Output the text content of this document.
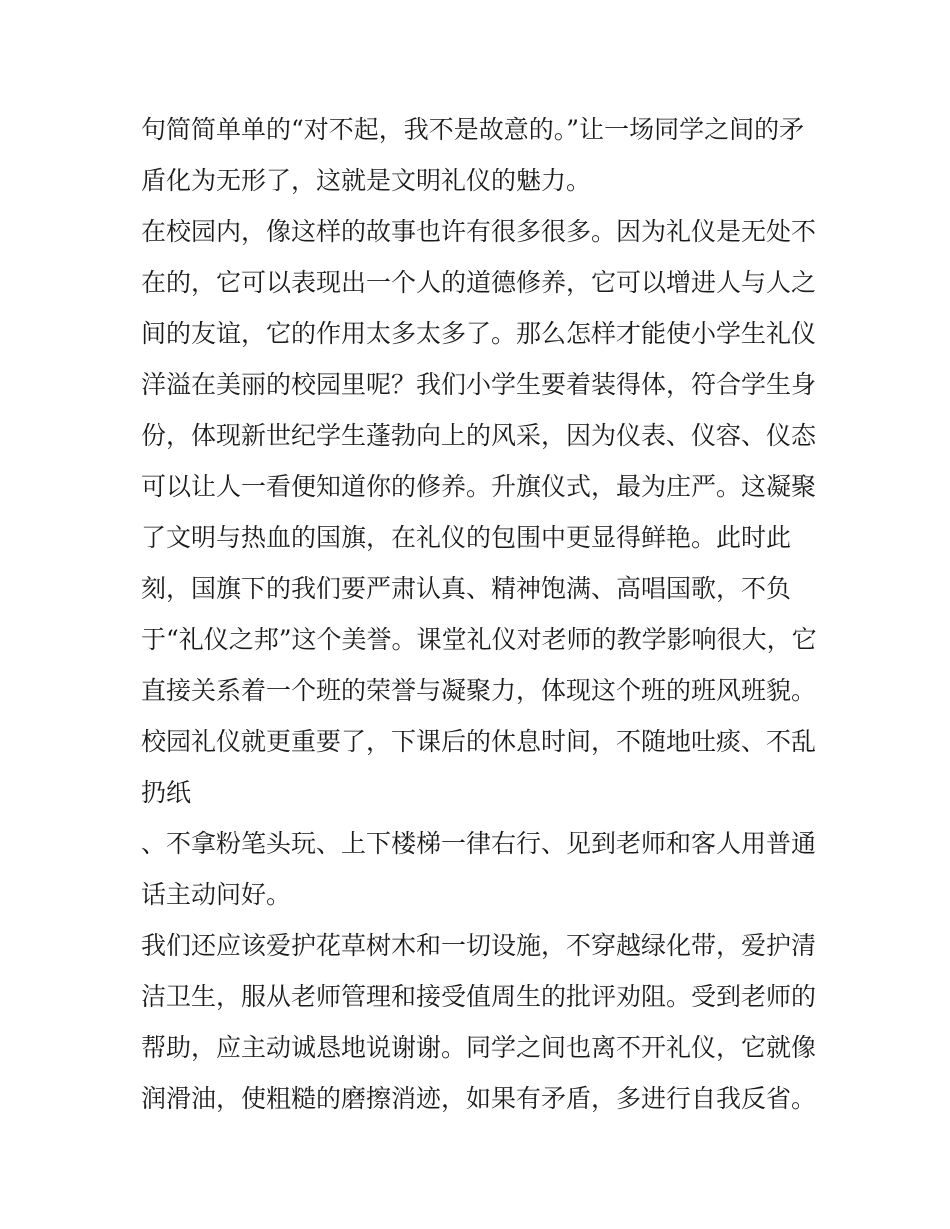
句简简单单的“对不起，我不是故意的。”让一场同学之间的矛
盾化为无形了，这就是文明礼仪的魅力。
在校园内，像这样的故事也许有很多很多。因为礼仪是无处不
在的，它可以表现出一个人的道德修养，它可以增进人与人之
间的友谊，它的作用太多太多了。那么怎样才能使小学生礼仪
洋溢在美丽的校园里呢？我们小学生要着装得体，符合学生身
份，体现新世纪学生蓬勃向上的风采，因为仪表、仪容、仪态
可以让人一看便知道你的修养。升旗仪式，最为庄严。这凝聚
了文明与热血的国旗，在礼仪的包围中更显得鲜艳。此时此
刻，国旗下的我们要严肃认真、精神饱满、高唱国歌，不负
于“礼仪之邦”这个美誉。课堂礼仪对老师的教学影响很大，它
直接关系着一个班的荣誉与凝聚力，体现这个班的班风班貌。
校园礼仪就更重要了，下课后的休息时间，不随地吐痰、不乱
扔纸
、不拿粉笔头玩、上下楼梯一律右行、见到老师和客人用普通
话主动问好。
我们还应该爱护花草树木和一切设施，不穿越绿化带，爱护清
洁卫生，服从老师管理和接受值周生的批评劝阻。受到老师的
帮助，应主动诚恳地说谢谢。同学之间也离不开礼仪，它就像
润滑油，使粗糙的磨擦消迹，如果有矛盾，多进行自我反省。
